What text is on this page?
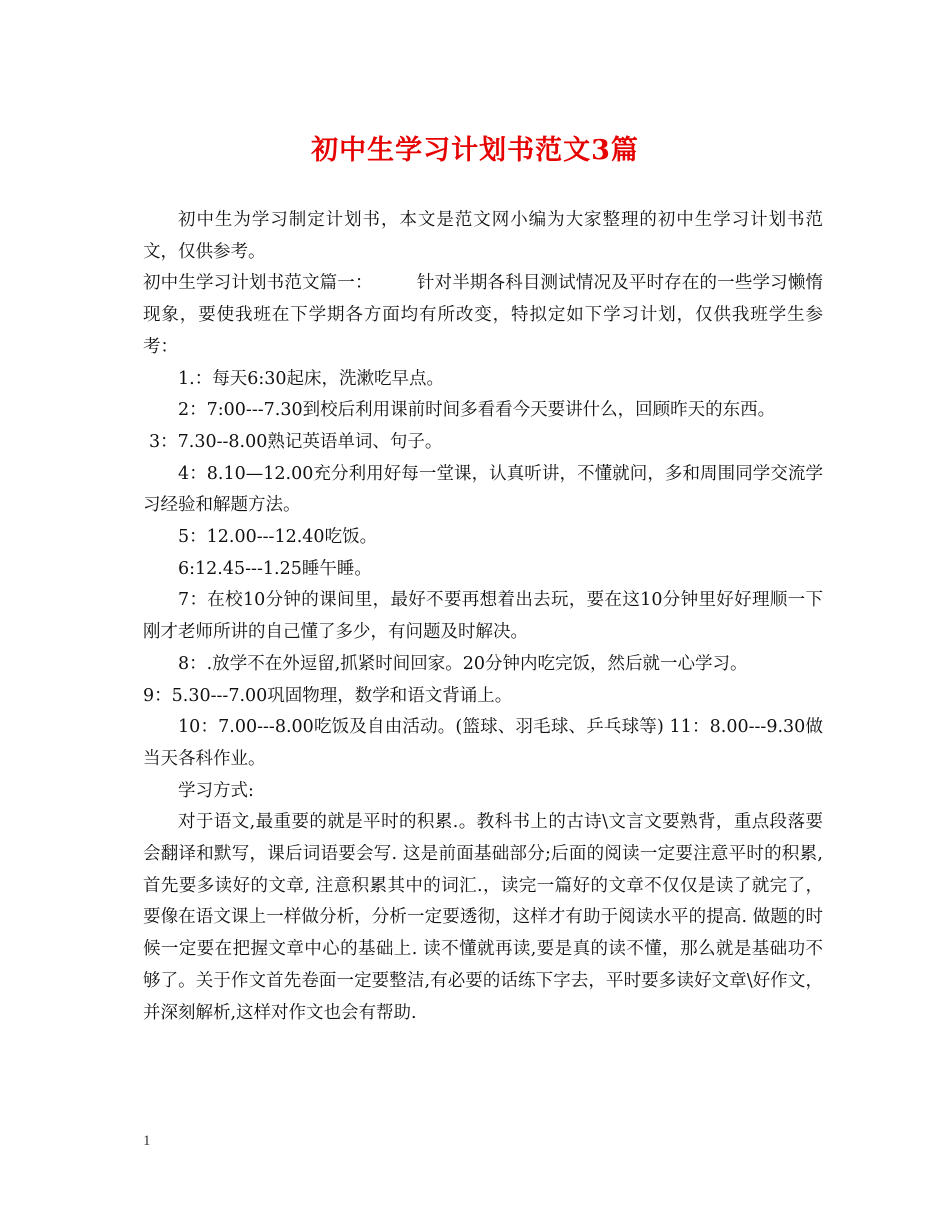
初中生学习计划书范文3篇

初中生为学习制定计划书，本文是范文网小编为大家整理的初中生学习计划书范文，仅供参考。

初中生学习计划书范文篇一：　　　针对半期各科目测试情况及平时存在的一些学习懒惰现象，要使我班在下学期各方面均有所改变，特拟定如下学习计划，仅供我班学生参考：

1.：每天6:30起床，洗漱吃早点。

2：7:00---7.30到校后利用课前时间多看看今天要讲什么，回顾昨天的东西。

3：7.30--8.00熟记英语单词、句子。

4：8.10—12.00充分利用好每一堂课，认真听讲，不懂就问，多和周围同学交流学习经验和解题方法。

5：12.00---12.40吃饭。

6:12.45---1.25睡午睡。

7：在校10分钟的课间里，最好不要再想着出去玩，要在这10分钟里好好理顺一下刚才老师所讲的自己懂了多少，有问题及时解决。

8：.放学不在外逗留,抓紧时间回家。20分钟内吃完饭，然后就一心学习。

9：5.30---7.00巩固物理，数学和语文背诵上。

10：7.00---8.00吃饭及自由活动。(篮球、羽毛球、乒乓球等) 11：8.00---9.30做当天各科作业。

学习方式:

对于语文,最重要的就是平时的积累.。教科书上的古诗\文言文要熟背，重点段落要会翻译和默写，课后词语要会写. 这是前面基础部分;后面的阅读一定要注意平时的积累, 首先要多读好的文章, 注意积累其中的词汇.，读完一篇好的文章不仅仅是读了就完了，要像在语文课上一样做分析，分析一定要透彻，这样才有助于阅读水平的提高. 做题的时候一定要在把握文章中心的基础上. 读不懂就再读,要是真的读不懂，那么就是基础功不够了。关于作文首先卷面一定要整洁,有必要的话练下字去，平时要多读好文章\好作文，并深刻解析,这样对作文也会有帮助.

1
